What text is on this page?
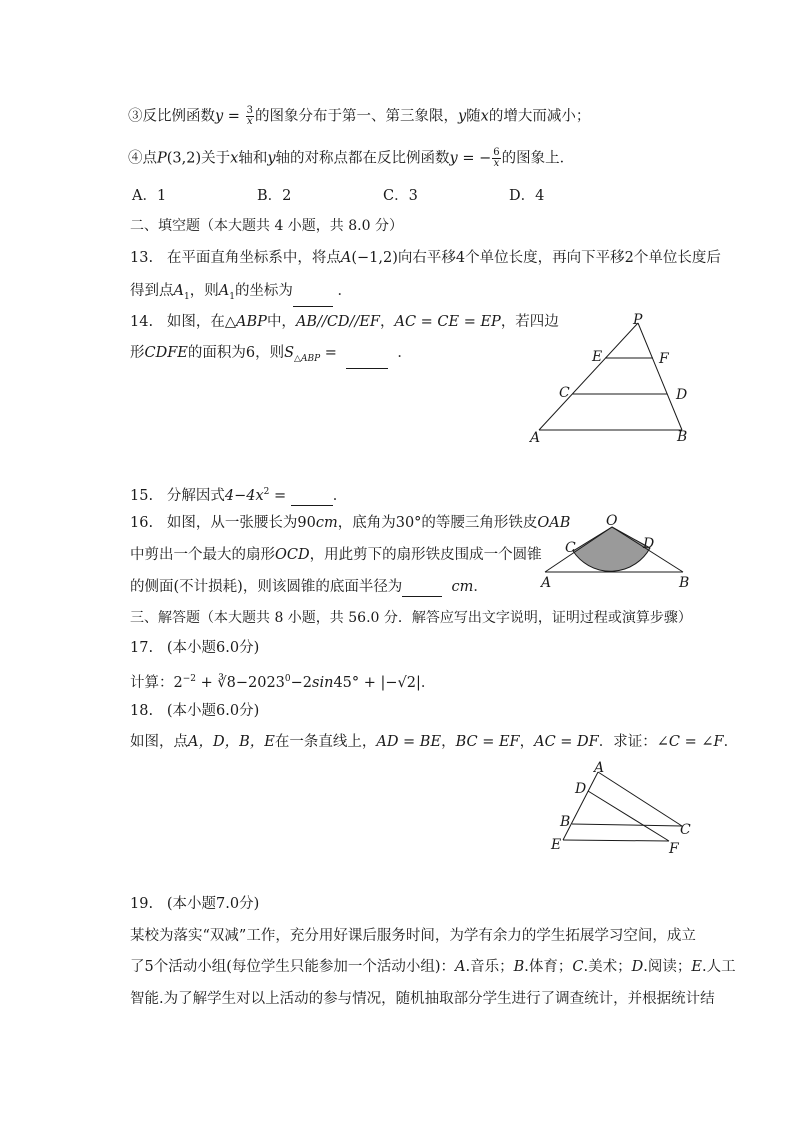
③反比例函数$y = \frac{3}{x}$ 的图象分布于第一、第三象限，y随x的增大而减小；
④点P(3,2)关于x轴和y轴的对称点都在反比例函数y = − $\frac{6}{x}$ 的图象上．
A．1	B．2	C．3	D．4
二、填空题（本大题共 4 小题，共 8.0 分）
13. 在平面直角坐标系中，将点A(−1,2)向右平移4个单位长度，再向下平移2个单位长度后
得到点$A_1$，则$A_1$的坐标为	．
14. 如图，在△ABP中，AB//CD//EF，AC = CE = EP，若四边
形CDFE的面积为6，则$S_{\triangle ABP}$ =	．
P
E	F
C	D
A	B
15. 分解因式$4-4x^2$ =	．
16. 如图，从一张腰长为90cm，底角为30°的等腰三角形铁皮OAB
中剪出一个最大的扇形OCD，用此剪下的扇形铁皮围成一个圆锥
的侧面(不计损耗)，则该圆锥的底面半径为	cm．
O
C	D
A	B
三、解答题（本大题共 8 小题，共 56.0 分．解答应写出文字说明，证明过程或演算步骤）
17. (本小题6.0分)
计算：$2^{-2}$ + $∛8-2023^0-2\sin 45^\circ + |-√2|$．
18. (本小题6.0分)
如图，点A，D，B，E在一条直线上，AD = BE，BC = EF，AC = DF．求证：∠C = ∠F．
A
D
B	C
E	F
19. (本小题7.0分)
某校为落实“双减”工作，充分用好课后服务时间，为学有余力的学生拓展学习空间，成立
了5个活动小组(每位学生只能参加一个活动小组)：A.音乐；B.体育；C.美术；D.阅读；E.人工
智能.为了解学生对以上活动的参与情况，随机抽取部分学生进行了调查统计，并根据统计结
